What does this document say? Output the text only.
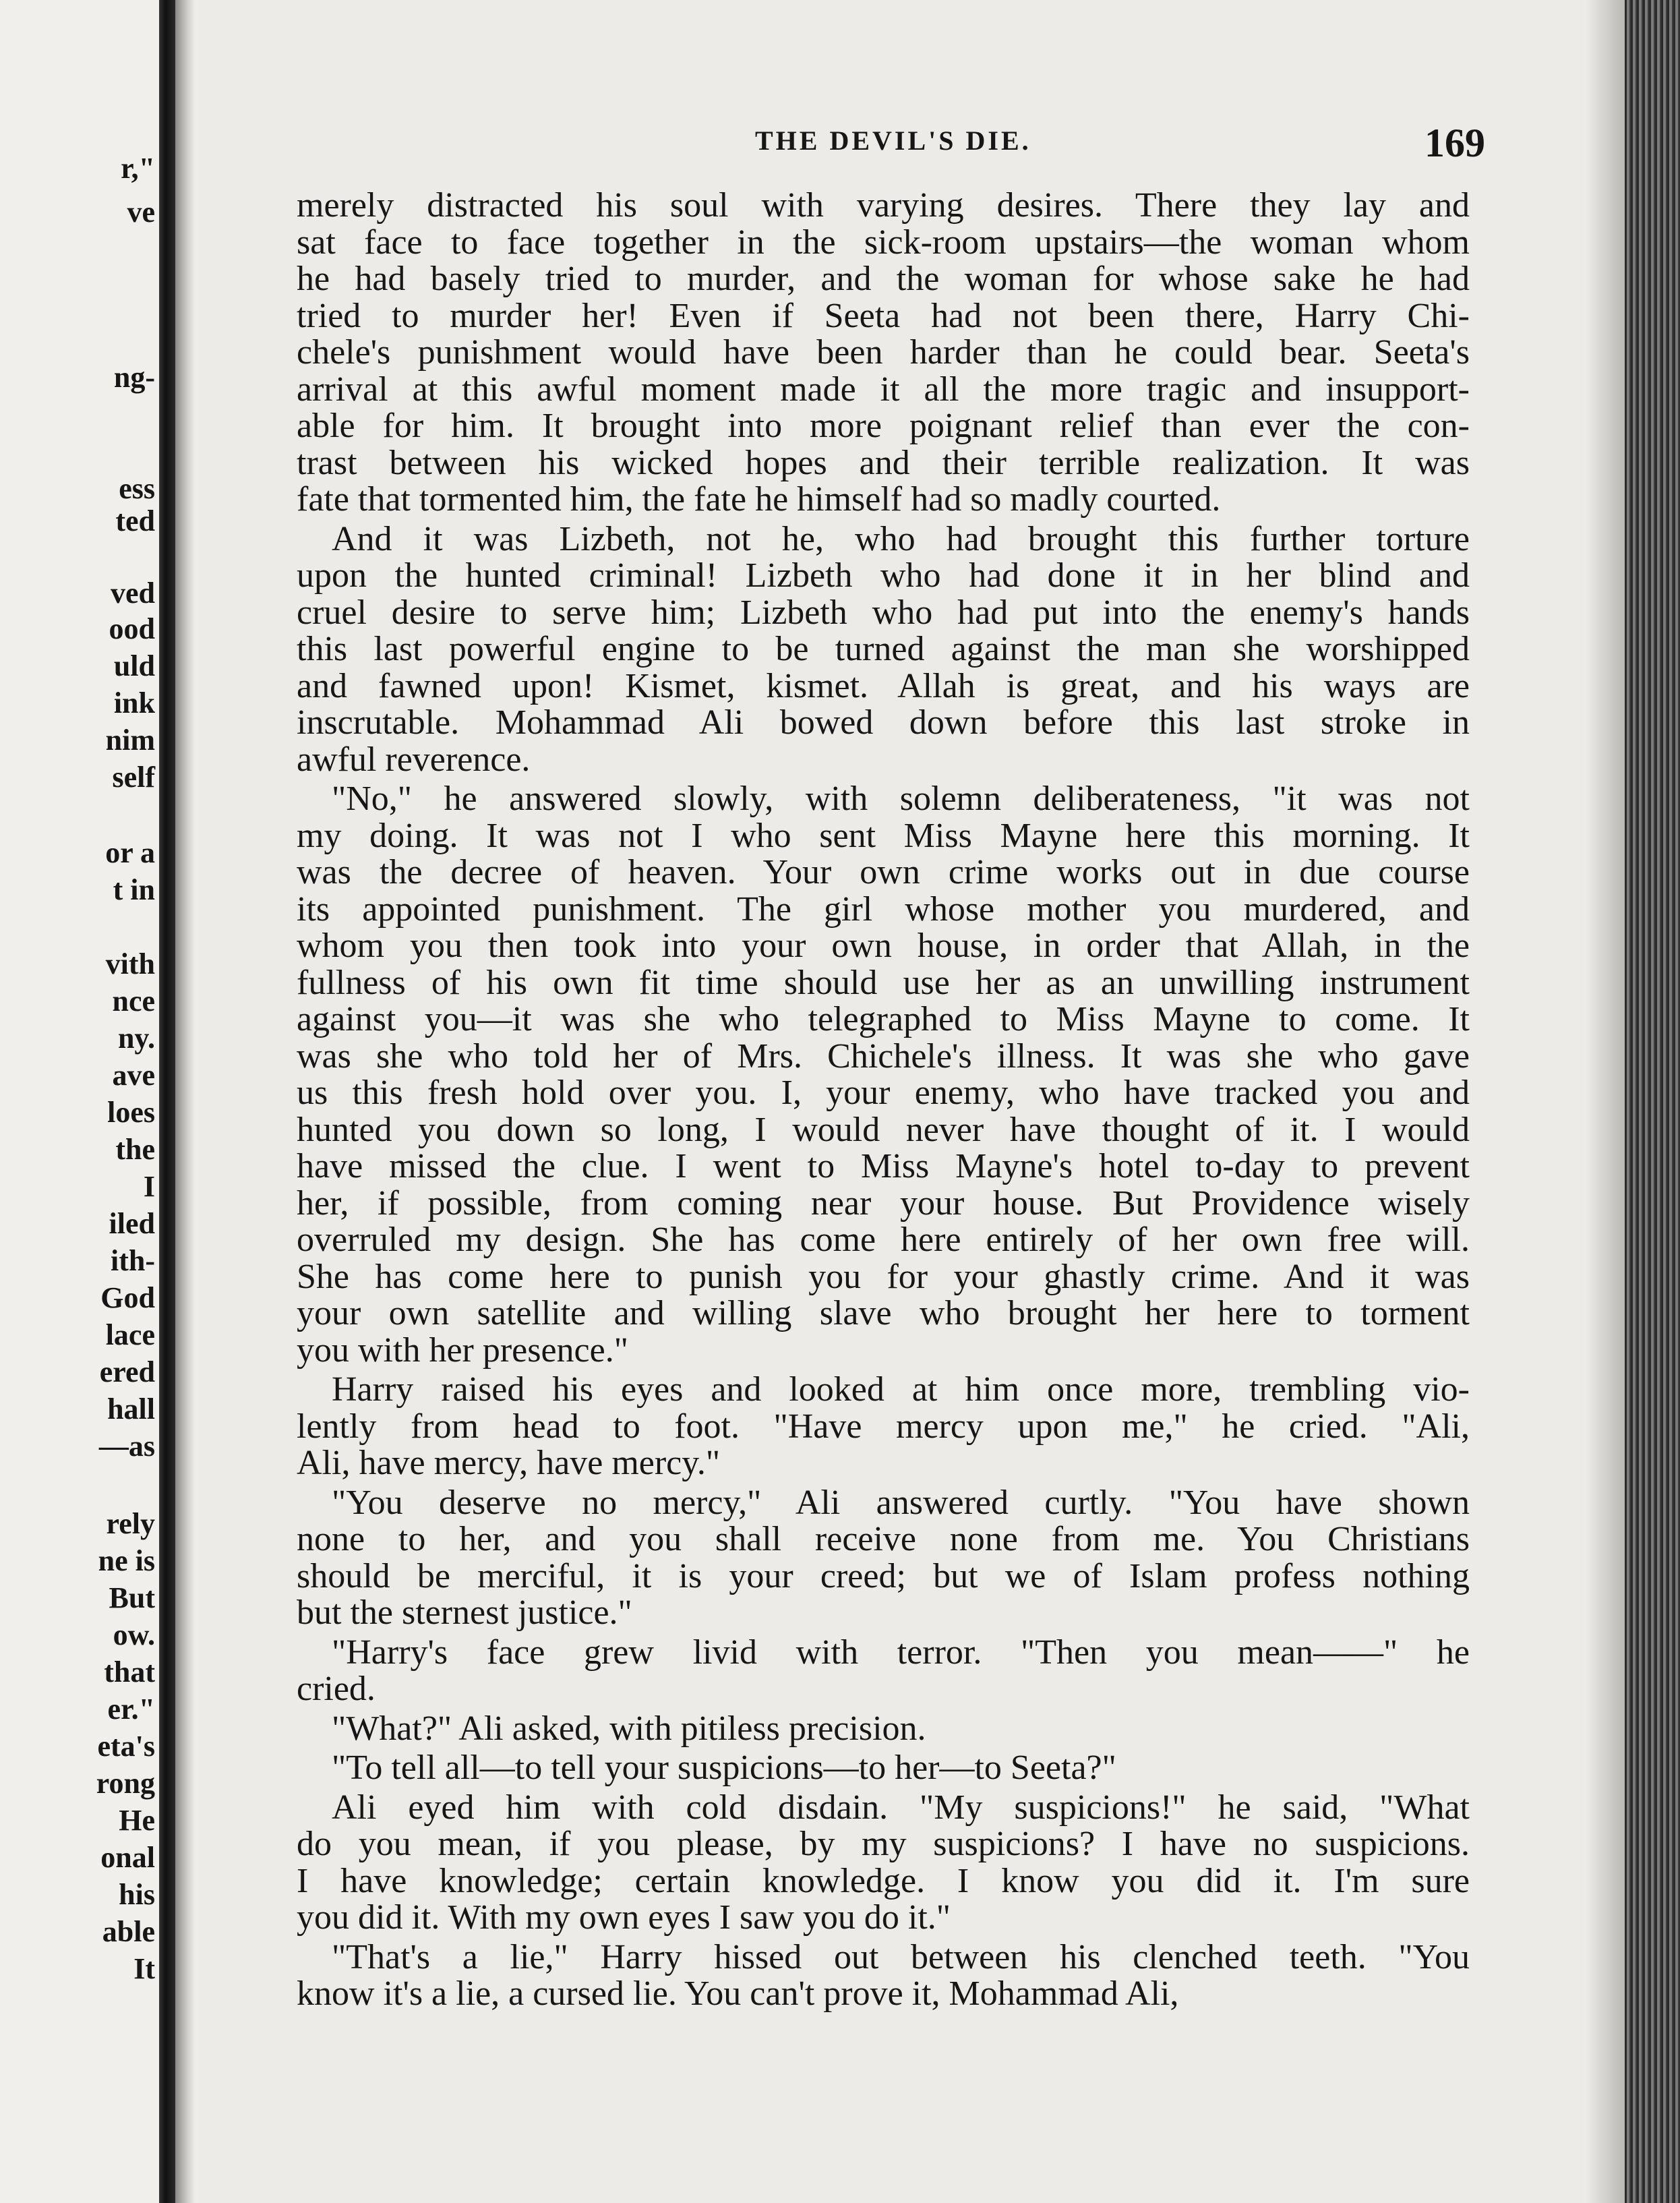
r,"

ve

ng-

ess

ted

ved

ood

uld

ink

nim

self

or a

t in

vith

nce

ny.

ave

loes

the

I

iled

ith-

God

lace

ered

hall

—as

rely

ne is

But

ow.

that

er."

eta's

rong

He

onal

his

able

It

THE DEVIL'S DIE.	169

merely distracted his soul with varying desires. There they lay and
sat face to face together in the sick-room upstairs—the woman whom
he had basely tried to murder, and the woman for whose sake he had
tried to murder her! Even if Seeta had not been there, Harry Chi-
chele's punishment would have been harder than he could bear. Seeta's
arrival at this awful moment made it all the more tragic and insupport-
able for him. It brought into more poignant relief than ever the con-
trast between his wicked hopes and their terrible realization. It was
fate that tormented him, the fate he himself had so madly courted.

And it was Lizbeth, not he, who had brought this further torture
upon the hunted criminal! Lizbeth who had done it in her blind and
cruel desire to serve him; Lizbeth who had put into the enemy's hands
this last powerful engine to be turned against the man she worshipped
and fawned upon! Kismet, kismet. Allah is great, and his ways are
inscrutable. Mohammad Ali bowed down before this last stroke in
awful reverence.

"No," he answered slowly, with solemn deliberateness, "it was not
my doing. It was not I who sent Miss Mayne here this morning. It
was the decree of heaven. Your own crime works out in due course
its appointed punishment. The girl whose mother you murdered, and
whom you then took into your own house, in order that Allah, in the
fullness of his own fit time should use her as an unwilling instrument
against you—it was she who telegraphed to Miss Mayne to come. It
was she who told her of Mrs. Chichele's illness. It was she who gave
us this fresh hold over you. I, your enemy, who have tracked you and
hunted you down so long, I would never have thought of it. I would
have missed the clue. I went to Miss Mayne's hotel to-day to prevent
her, if possible, from coming near your house. But Providence wisely
overruled my design. She has come here entirely of her own free will.
She has come here to punish you for your ghastly crime. And it was
your own satellite and willing slave who brought her here to torment
you with her presence."

Harry raised his eyes and looked at him once more, trembling vio-
lently from head to foot. "Have mercy upon me," he cried. "Ali,
Ali, have mercy, have mercy."

"You deserve no mercy," Ali answered curtly. "You have shown
none to her, and you shall receive none from me. You Christians
should be merciful, it is your creed; but we of Islam profess nothing
but the sternest justice."

"Harry's face grew livid with terror. "Then you mean——" he
cried.

"What?" Ali asked, with pitiless precision.

"To tell all—to tell your suspicions—to her—to Seeta?"

Ali eyed him with cold disdain. "My suspicions!" he said, "What
do you mean, if you please, by my suspicions? I have no suspicions.
I have knowledge; certain knowledge. I know you did it. I'm sure
you did it. With my own eyes I saw you do it."

"That's a lie," Harry hissed out between his clenched teeth. "You
know it's a lie, a cursed lie. You can't prove it, Mohammad Ali,
